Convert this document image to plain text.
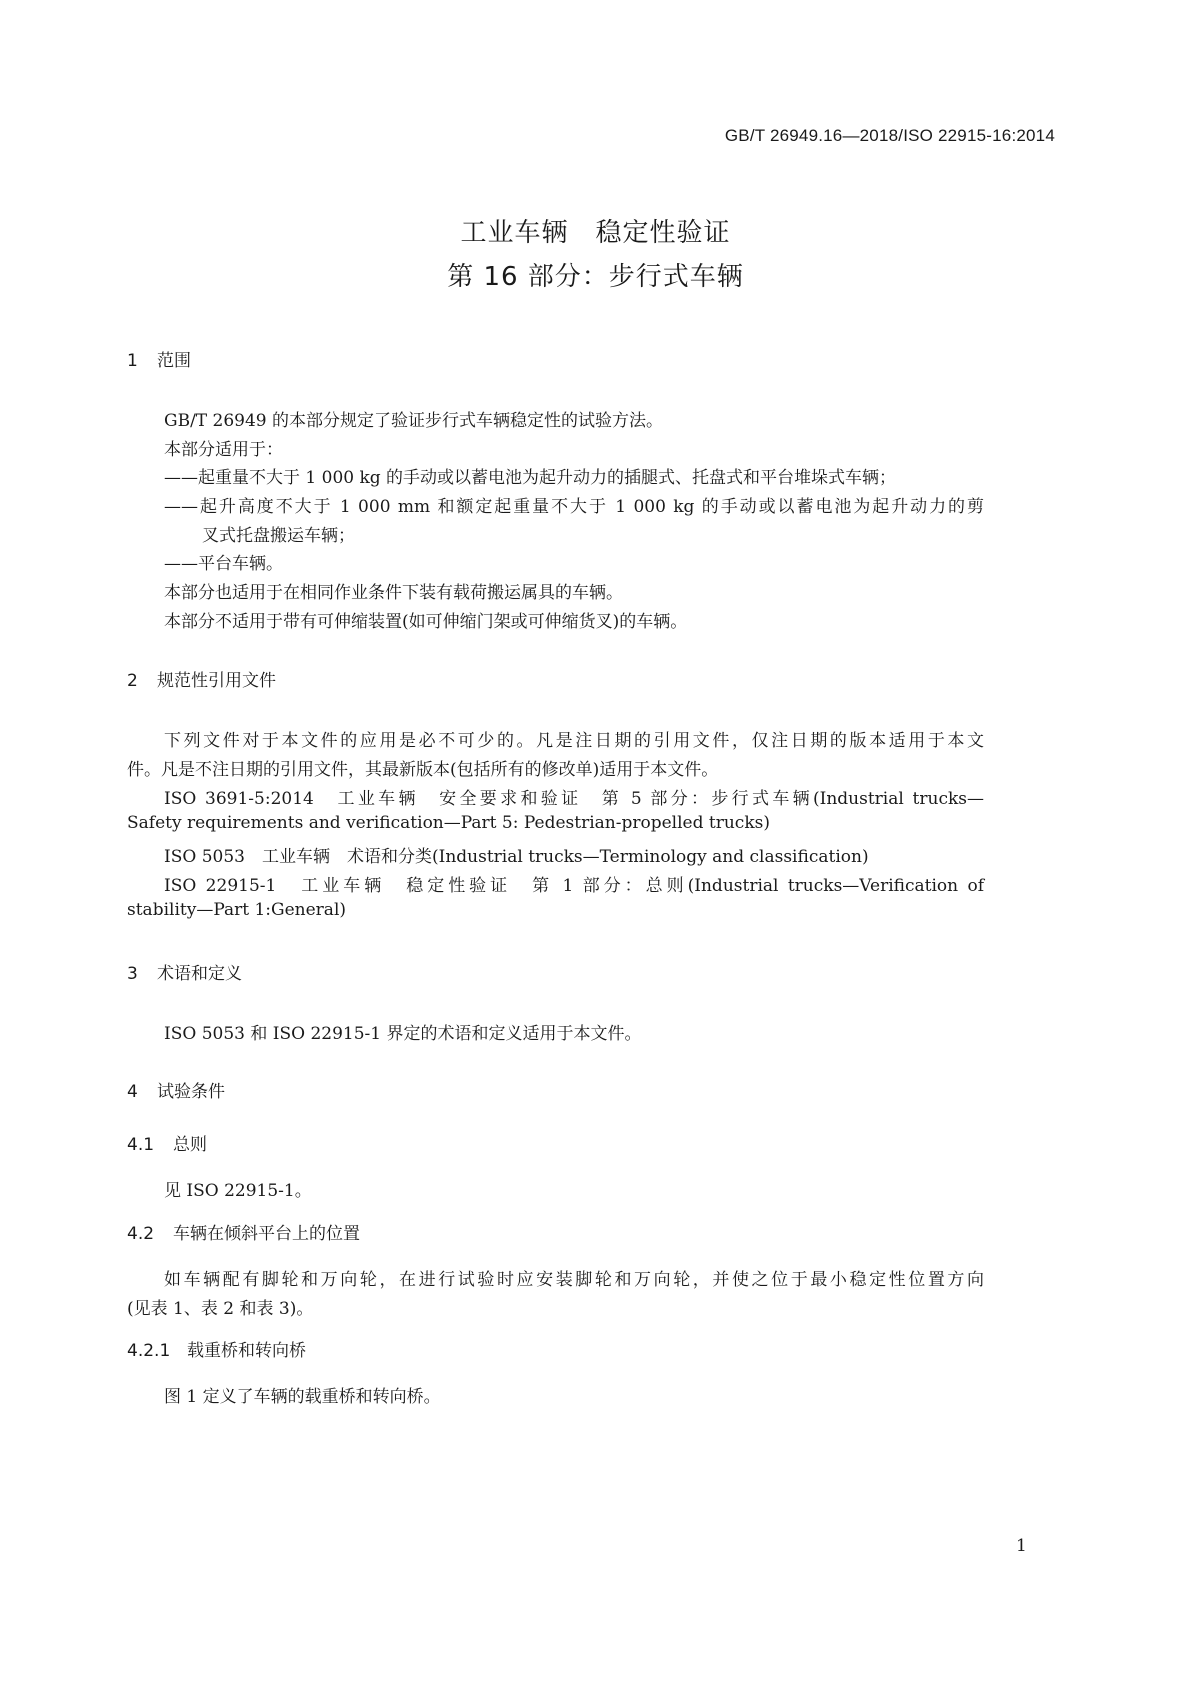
GB/T 26949.16—2018/ISO 22915-16:2014
工业车辆　稳定性验证
第 16 部分：步行式车辆
1 范围
GB/T 26949 的本部分规定了验证步行式车辆稳定性的试验方法。
本部分适用于：
——起重量不大于 1 000 kg 的手动或以蓄电池为起升动力的插腿式、托盘式和平台堆垛式车辆；
——起升高度不大于 1 000 mm 和额定起重量不大于 1 000 kg 的手动或以蓄电池为起升动力的剪
叉式托盘搬运车辆；
——平台车辆。
本部分也适用于在相同作业条件下装有载荷搬运属具的车辆。
本部分不适用于带有可伸缩装置(如可伸缩门架或可伸缩货叉)的车辆。
2 规范性引用文件
下列文件对于本文件的应用是必不可少的。凡是注日期的引用文件，仅注日期的版本适用于本文
件。凡是不注日期的引用文件，其最新版本(包括所有的修改单)适用于本文件。
ISO 3691-5:2014　工业车辆　安全要求和验证　第 5 部分：步行式车辆(Industrial trucks—
Safety requirements and verification—Part 5: Pedestrian-propelled trucks)
ISO 5053　工业车辆　术语和分类(Industrial trucks—Terminology and classification)
ISO 22915-1　工业车辆　稳定性验证　第 1 部分：总则(Industrial trucks—Verification of
stability—Part 1:General)
3 术语和定义
ISO 5053 和 ISO 22915-1 界定的术语和定义适用于本文件。
4 试验条件
4.1 总则
见 ISO 22915-1。
4.2 车辆在倾斜平台上的位置
如车辆配有脚轮和万向轮，在进行试验时应安装脚轮和万向轮，并使之位于最小稳定性位置方向
(见表 1、表 2 和表 3)。
4.2.1 载重桥和转向桥
图 1 定义了车辆的载重桥和转向桥。
1
